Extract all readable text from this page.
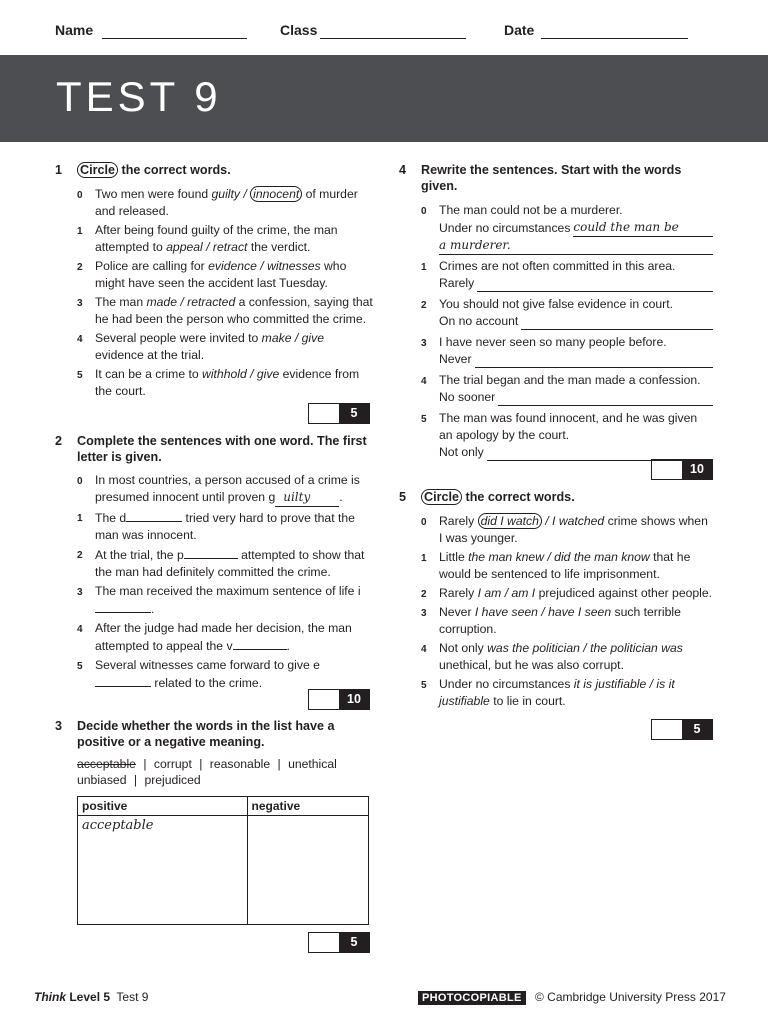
Name	Class	Date
TEST 9
1 Circle the correct words.
0 Two men were found guilty / innocent of murder and released.
1 After being found guilty of the crime, the man attempted to appeal / retract the verdict.
2 Police are calling for evidence / witnesses who might have seen the accident last Tuesday.
3 The man made / retracted a confession, saying that he had been the person who committed the crime.
4 Several people were invited to make / give evidence at the trial.
5 It can be a crime to withhold / give evidence from the court.
5
2 Complete the sentences with one word. The first letter is given.
0 In most countries, a person accused of a crime is presumed innocent until proven g uilty .
1 The d	tried very hard to prove that the man was innocent.
2 At the trial, the p	attempted to show that the man had definitely committed the crime.
3 The man received the maximum sentence of life i.
4 After the judge had made her decision, the man attempted to appeal the v	.
5 Several witnesses came forward to give e related to the crime.
10
3 Decide whether the words in the list have a positive or a negative meaning.
acceptable | corrupt | reasonable | unethical
unbiased | prejudiced
positive	negative
acceptable	
5
4 Rewrite the sentences. Start with the words given.
0 The man could not be a murderer.
Under no circumstances could the man be
a murderer.
1 Crimes are not often committed in this area.
Rarely
2 You should not give false evidence in court.
On no account
3 I have never seen so many people before.
Never
4 The trial began and the man made a confession.
No sooner
5 The man was found innocent, and he was given an apology by the court.
Not only
10
5 Circle the correct words.
0 Rarely did I watch / I watched crime shows when I was younger.
1 Little the man knew / did the man know that he would be sentenced to life imprisonment.
2 Rarely I am / am I prejudiced against other people.
3 Never I have seen / have I seen such terrible corruption.
4 Not only was the politician / the politician was unethical, but he was also corrupt.
5 Under no circumstances it is justifiable / is it justifiable to lie in court.
5
Think Level 5 Test 9	PHOTOCOPIABLE © Cambridge University Press 2017
